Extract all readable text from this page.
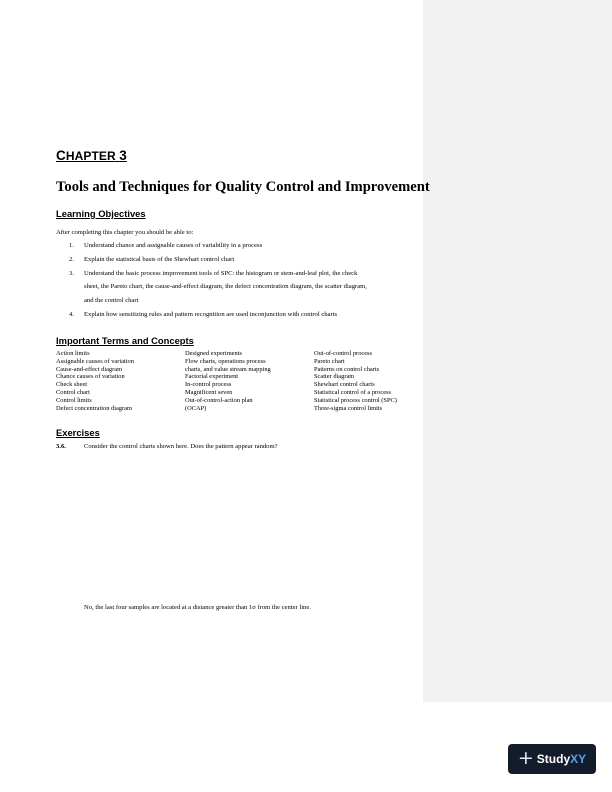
CHAPTER 3
Tools and Techniques for Quality Control and Improvement
Learning Objectives
After completing this chapter you should be able to:
1. Understand chance and assignable causes of variability in a process
2. Explain the statistical basis of the Shewhart control chart
3. Understand the basic process improvement tools of SPC: the histogram or stem-and-leaf plot, the check
sheet, the Pareto chart, the cause-and-effect diagram, the defect concentration diagram, the scatter diagram,
and the control chart
4. Explain how sensitizing rules and pattern recognition are used inconjunction with control charts
Important Terms and Concepts
Action limits
Assignable causes of variation
Cause-and-effect diagram
Chance causes of variation
Check sheet
Control chart
Control limits
Defect concentration diagram
Designed experiments
Flow charts, operations process
charts, and value stream mapping
Factorial experiment
In-control process
Magnificent seven
Out-of-control-action plan
(OCAP)
Out-of-control process
Pareto chart
Patterns on control charts
Scatter diagram
Shewhart control charts
Statistical control of a process
Statistical process control (SPC)
Three-sigma control limits
Exercises
3.6.	Consider the control charts shown here. Does the pattern appear random?
No, the last four samples are located at a distance greater than 1σ from the center line.
+ StudyXY
